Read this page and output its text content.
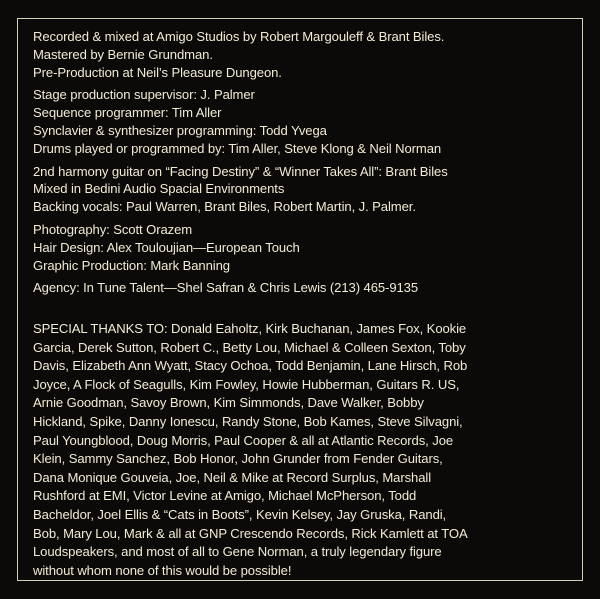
Recorded & mixed at Amigo Studios by Robert Margouleff & Brant Biles.
Mastered by Bernie Grundman.
Pre-Production at Neil’s Pleasure Dungeon.
Stage production supervisor: J. Palmer
Sequence programmer: Tim Aller
Synclavier & synthesizer programming: Todd Yvega
Drums played or programmed by: Tim Aller, Steve Klong & Neil Norman
2nd harmony guitar on “Facing Destiny” & “Winner Takes All”: Brant Biles
Mixed in Bedini Audio Spacial Environments
Backing vocals: Paul Warren, Brant Biles, Robert Martin, J. Palmer.
Photography: Scott Orazem
Hair Design: Alex Touloujian—European Touch
Graphic Production: Mark Banning
Agency: In Tune Talent—Shel Safran & Chris Lewis (213) 465-9135
SPECIAL THANKS TO: Donald Eaholtz, Kirk Buchanan, James Fox, Kookie
Garcia, Derek Sutton, Robert C., Betty Lou, Michael & Colleen Sexton, Toby
Davis, Elizabeth Ann Wyatt, Stacy Ochoa, Todd Benjamin, Lane Hirsch, Rob
Joyce, A Flock of Seagulls, Kim Fowley, Howie Hubberman, Guitars R. US,
Arnie Goodman, Savoy Brown, Kim Simmonds, Dave Walker, Bobby
Hickland, Spike, Danny Ionescu, Randy Stone, Bob Kames, Steve Silvagni,
Paul Youngblood, Doug Morris, Paul Cooper & all at Atlantic Records, Joe
Klein, Sammy Sanchez, Bob Honor, John Grunder from Fender Guitars,
Dana Monique Gouveia, Joe, Neil & Mike at Record Surplus, Marshall
Rushford at EMI, Victor Levine at Amigo, Michael McPherson, Todd
Bacheldor, Joel Ellis & “Cats in Boots”, Kevin Kelsey, Jay Gruska, Randi,
Bob, Mary Lou, Mark & all at GNP Crescendo Records, Rick Kamlett at TOA
Loudspeakers, and most of all to Gene Norman, a truly legendary figure
without whom none of this would be possible!
